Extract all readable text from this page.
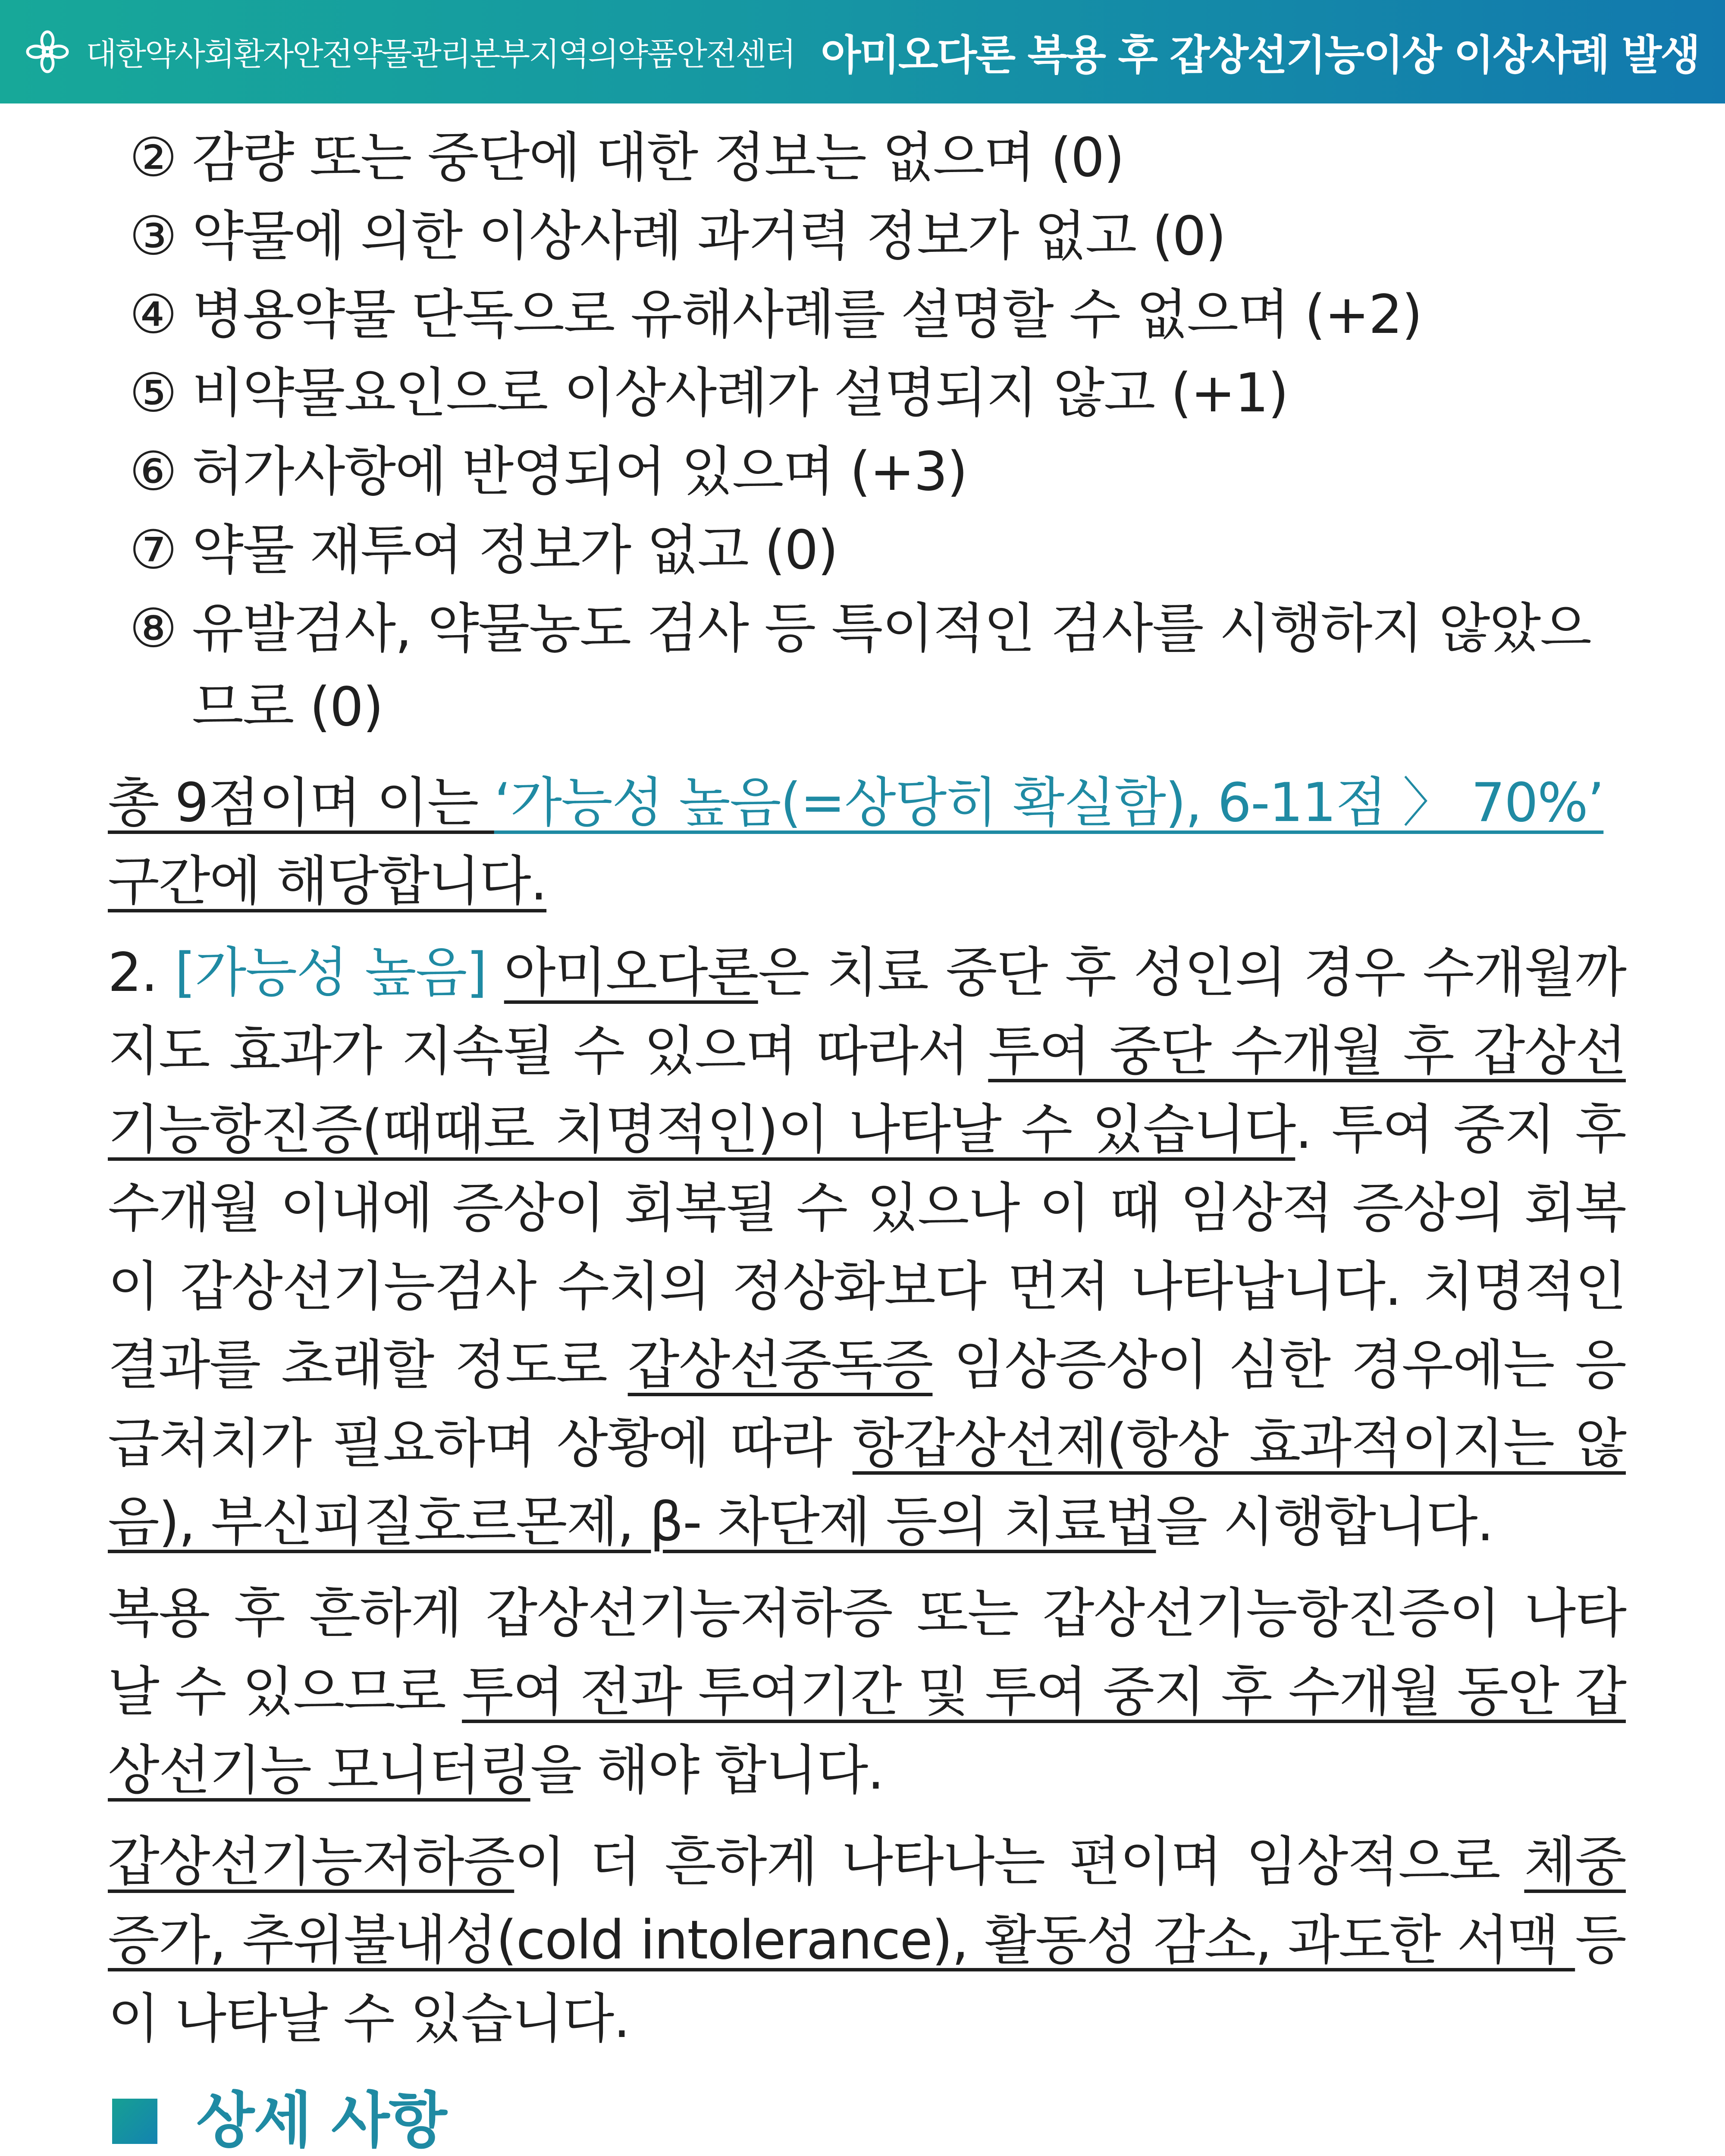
대한약사회환자안전약물관리본부지역의약품안전센터 아미오다론 복용 후 갑상선기능이상 이상사례 발생
② 감량 또는 중단에 대한 정보는 없으며 (0)
③ 약물에 의한 이상사례 과거력 정보가 없고 (0)
④ 병용약물 단독으로 유해사례를 설명할 수 없으며 (+2)
⑤ 비약물요인으로 이상사례가 설명되지 않고 (+1)
⑥ 허가사항에 반영되어 있으며 (+3)
⑦ 약물 재투여 정보가 없고 (0)
⑧ 유발검사, 약물농도 검사 등 특이적인 검사를 시행하지 않았으므로 (0)

총 9점이며 이는 ‘가능성 높음(=상당히 확실함), 6-11점 〉 70%’
구간에 해당합니다.

2. [가능성 높음] 아미오다론은 치료 중단 후 성인의 경우 수개월까지도 효과가 지속될 수 있으며 따라서 투여 중단 수개월 후 갑상선기능항진증(때때로 치명적인)이 나타날 수 있습니다. 투여 중지 후 수개월 이내에 증상이 회복될 수 있으나 이 때 임상적 증상의 회복이 갑상선기능검사 수치의 정상화보다 먼저 나타납니다. 치명적인 결과를 초래할 정도로 갑상선중독증 임상증상이 심한 경우에는 응급처치가 필요하며 상황에 따라 항갑상선제(항상 효과적이지는 않음), 부신피질호르몬제, β- 차단제 등의 치료법을 시행합니다.

복용 후 흔하게 갑상선기능저하증 또는 갑상선기능항진증이 나타날 수 있으므로 투여 전과 투여기간 및 투여 중지 후 수개월 동안 갑상선기능 모니터링을 해야 합니다.

갑상선기능저하증이 더 흔하게 나타나는 편이며 임상적으로 체중증가, 추위불내성(cold intolerance), 활동성 감소, 과도한 서맥 등이 나타날 수 있습니다.

상세 사항
